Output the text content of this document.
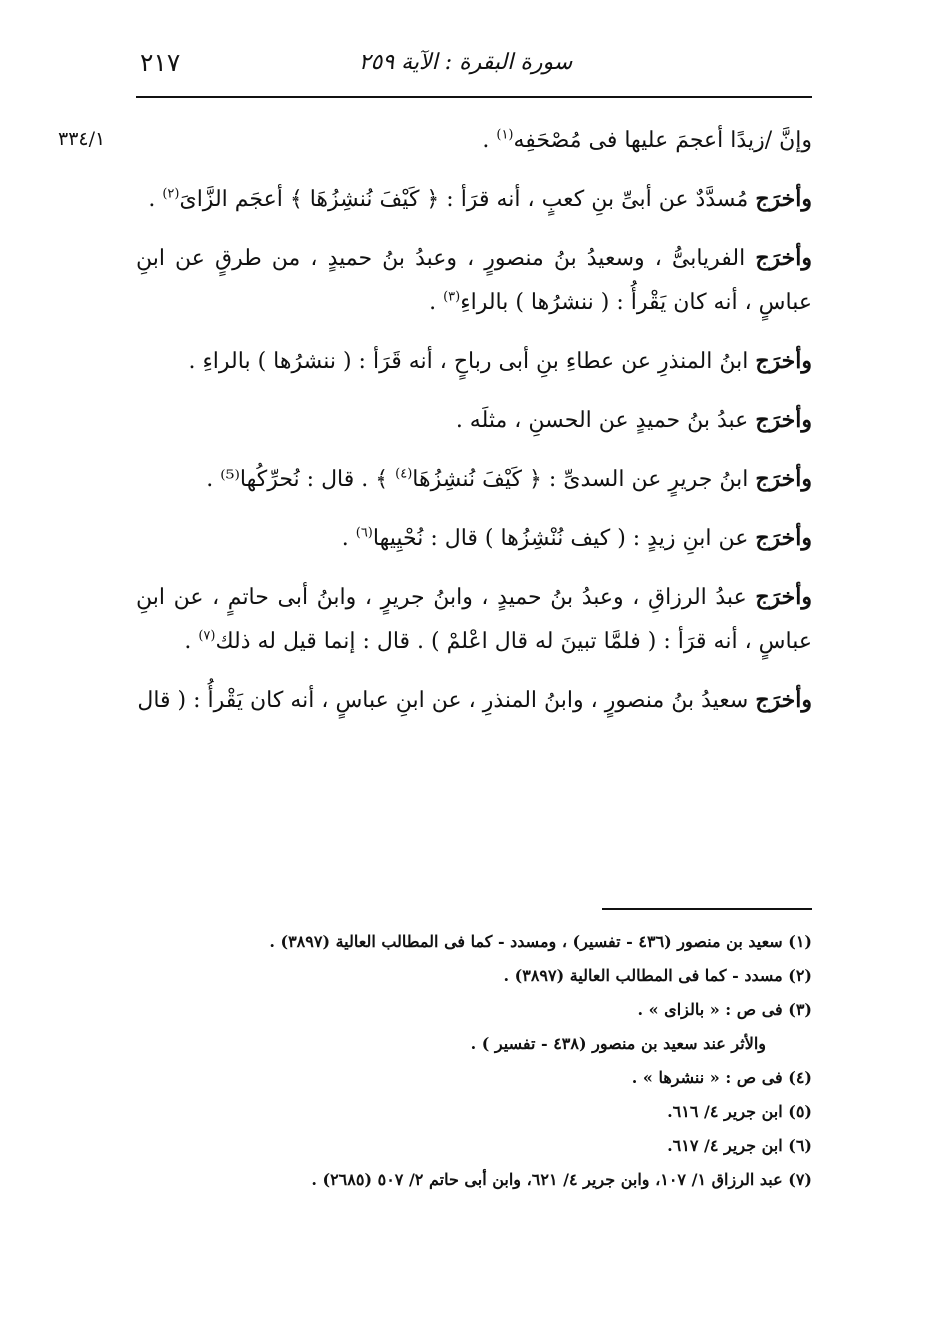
٢١٧	سورة البقرة : الآية ٢٥٩
٣٣٤/١	وإنَّ /زيدًا أعجمَ عليها فى مُصْحَفِه$^{(١)}$ .

وأخرَج مُسدَّدٌ عن أبىِّ بنِ كعبٍ ، أنه قرَأ : ﴿ كَيْفَ نُنشِزُهَا ﴾ أعجَم الزَّاىَ$^{(٢)}$ .

وأخرَج الفريابىُّ ، وسعيدُ بنُ منصورٍ ، وعبدُ بنُ حميدٍ ، من طرقٍ عن ابنِ عباسٍ ، أنه كان يَقْرأُ : ( ننشرُها ) بالراءِ$^{(٣)}$ .

وأخرَج ابنُ المنذرِ عن عطاءِ بنِ أبى رباحٍ ، أنه قَرَأ : ( ننشرُها ) بالراءِ .

وأخرَج عبدُ بنُ حميدٍ عن الحسنِ ، مثلَه .

وأخرَج ابنُ جريرٍ عن السدىِّ : ﴿ كَيْفَ نُنشِزُهَا$^{(٤)}$ ﴾ . قال : نُحرِّكُها⁽⁵⁾ .

وأخرَج عن ابنِ زيدٍ : ( كيف نُنْشِزُها ) قال : نُحْيِيها$^{(٦)}$ .

وأخرَج عبدُ الرزاقِ ، وعبدُ بنُ حميدٍ ، وابنُ جريرٍ ، وابنُ أبى حاتمٍ ، عن ابنِ عباسٍ ، أنه قرَأ : ( فلمَّا تبينَ له قال اعْلمْ ) . قال : إنما قيل له ذلك$^{(٧)}$ .

وأخرَج سعيدُ بنُ منصورٍ ، وابنُ المنذرِ ، عن ابنِ عباسٍ ، أنه كان يَقْرأُ : ( قال

(١) سعيد بن منصور (٤٣٦ - تفسير) ، ومسدد - كما فى المطالب العالية (٣٨٩٧) .
(٢) مسدد - كما فى المطالب العالية (٣٨٩٧) .
(٣) فى ص : « بالزاى » .
والأثر عند سعيد بن منصور (٤٣٨ - تفسير ) .
(٤) فى ص : « ننشرها » .
(٥) ابن جرير ٤/ ٦١٦.
(٦) ابن جرير ٤/ ٦١٧.
(٧) عبد الرزاق ١/ ١٠٧، وابن جرير ٤/ ٦٢١، وابن أبى حاتم ٢/ ٥٠٧ (٢٦٨٥) .
